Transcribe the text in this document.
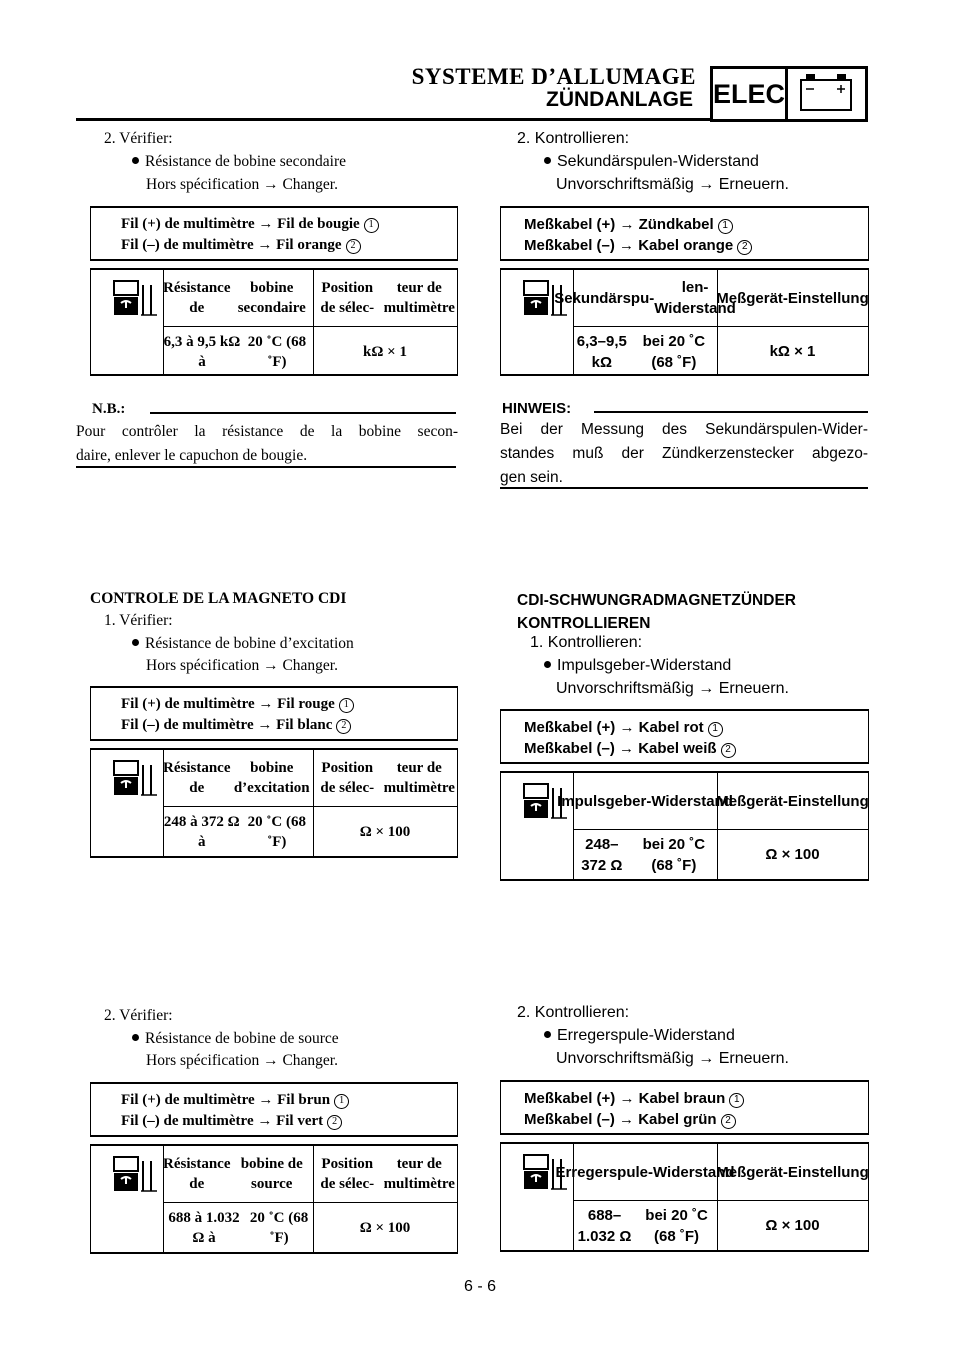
SYSTEME D’ALLUMAGE
ZÜNDANLAGE ELEC
2. Vérifier:
Résistance de bobine secondaire
Hors spécification → Changer.
Fil (+) de multimètre → Fil de bougie 1
Fil (–) de multimètre → Fil orange 2
Résistance de

bobine secondaire
Position de sélec-

teur de multimètre
6,3 à 9,5 kΩ à

20 ˚C (68 ˚F)
kΩ × 1
N.B.:
Pour contrôler la résistance de la bobine secon-
daire, enlever le capuchon de bougie.
CONTROLE DE LA MAGNETO CDI
1. Vérifier:
Résistance de bobine d’excitation
Hors spécification → Changer.
Fil (+) de multimètre → Fil rouge 1
Fil (–) de multimètre → Fil blanc 2
Résistance de

bobine d’excitation
Position de sélec-

teur de multimètre
248 à 372 Ω à

20 ˚C (68 ˚F)
Ω × 100
2. Vérifier:
Résistance de bobine de source
Hors spécification → Changer.
Fil (+) de multimètre → Fil brun 1
Fil (–) de multimètre → Fil vert 2
Résistance de

bobine de source
Position de sélec-

teur de multimètre
688 à 1.032 Ω à

20 ˚C (68 ˚F)
Ω × 100
2. Kontrollieren:
Sekundärspulen-Widerstand
Unvorschriftsmäßig → Erneuern.
Meßkabel (+) → Zündkabel 1
Meßkabel (–) → Kabel orange 2
Sekundärspu-

len-Widerstand
Meßgerät- Einstellung
6,3–9,5 kΩ

bei 20 ˚C (68 ˚F)
kΩ × 1
HINWEIS:
Bei der Messung des Sekundärspulen-Wider-
standes muß der Zündkerzenstecker abgezo-
gen sein.
CDI-SCHWUNGRADMAGNETZÜNDER
KONTROLLIEREN
1. Kontrollieren:
Impulsgeber-Widerstand
Unvorschriftsmäßig → Erneuern.
Meßkabel (+) → Kabel rot 1
Meßkabel (–) → Kabel weiß 2
Impulsgeber- Widerstand
Meßgerät- Einstellung
248–372 Ω

bei 20 ˚C (68 ˚F)
Ω × 100
2. Kontrollieren:
Erregerspule-Widerstand
Unvorschriftsmäßig → Erneuern.
Meßkabel (+) → Kabel braun 1
Meßkabel (–) → Kabel grün 2
Erregerspule- Widerstand
Meßgerät- Einstellung
688–1.032 Ω

bei 20 ˚C (68 ˚F)
Ω × 100
6 - 6
